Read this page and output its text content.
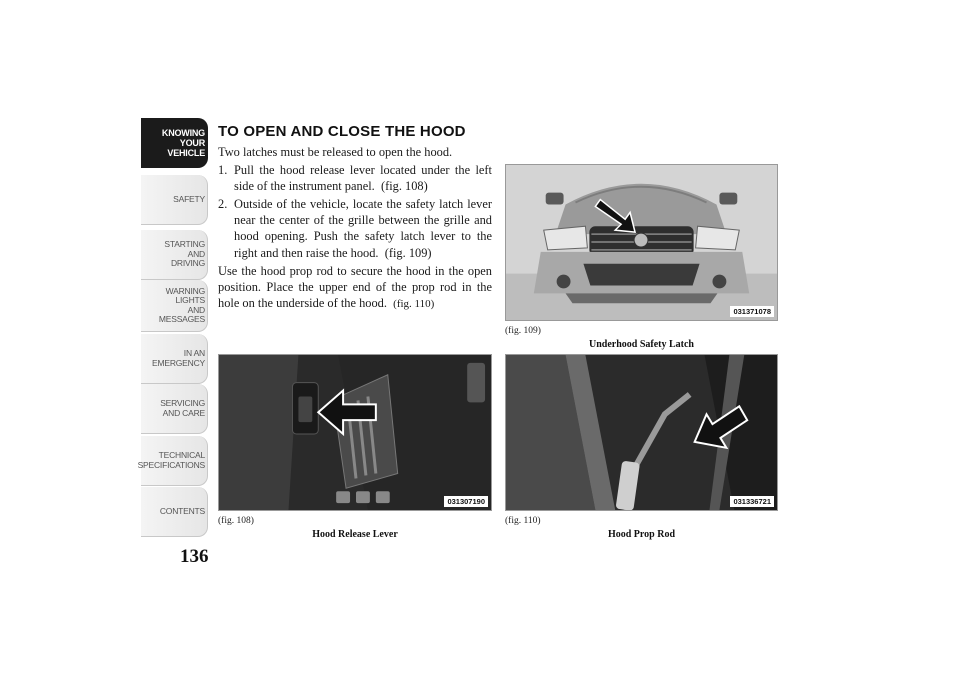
KNOWING
YOUR
VEHICLE
SAFETY
STARTING
AND
DRIVING
WARNING
LIGHTS
AND
MESSAGES
IN AN
EMERGENCY
SERVICING
AND CARE
TECHNICAL
SPECIFICATIONS
CONTENTS
136
TO OPEN AND CLOSE THE HOOD

Two latches must be released to open the hood.

1. Pull the hood release lever located under the left side of the instrument panel. (fig. 108)
2. Outside of the vehicle, locate the safety latch lever near the center of the grille between the grille and hood opening. Push the safety latch lever to the right and then raise the hood. (fig. 109)

Use the hood prop rod to secure the hood in the open position. Place the upper end of the prop rod in the hole on the underside of the hood. (fig. 110)

031371078
(fig. 109)
Underhood Safety Latch
031307190
(fig. 108)
Hood Release Lever
031336721
(fig. 110)
Hood Prop Rod
